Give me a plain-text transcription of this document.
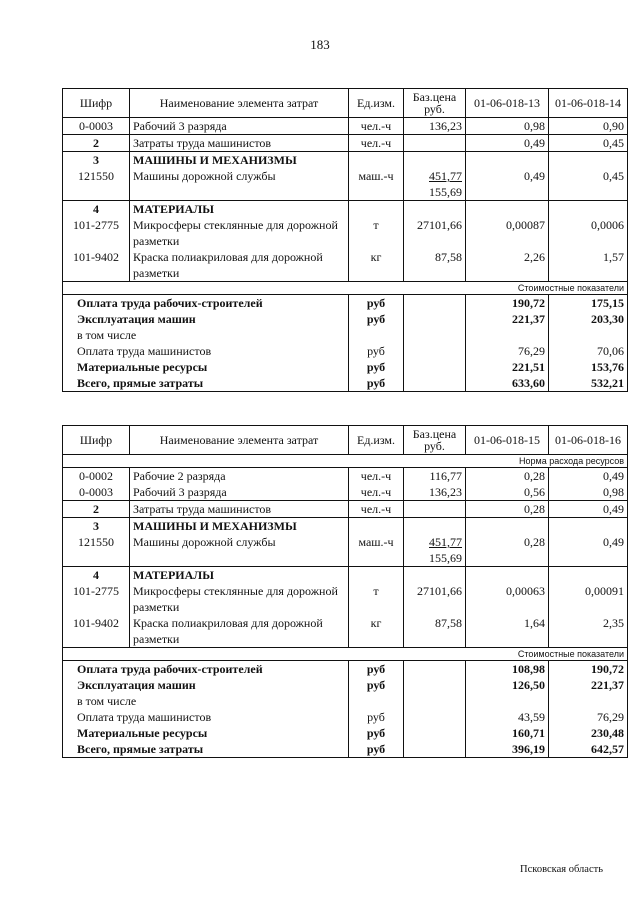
183
Шифр	Наименование элемента затрат	Ед.изм.	Баз.цена руб.	01-06-018-13	01-06-018-14
0-0003	Рабочий 3 разряда	чел.-ч	136,23	0,98	0,90
2	Затраты труда машинистов	чел.-ч		0,49	0,45
3	МАШИНЫ И МЕХАНИЗМЫ				
121550	Машины дорожной службы	маш.-ч	451,77	0,49	0,45
			155,69		
4	МАТЕРИАЛЫ				
101-2775	Микросферы стеклянные для дорожной разметки	т	27101,66	0,00087	0,0006
101-9402	Краска полиакриловая для дорожной разметки	кг	87,58	2,26	1,57
Стоимостные показатели					
Оплата труда рабочих-строителей		руб		190,72	175,15
Эксплуатация машин		руб		221,37	203,30
в том числе					
Оплата труда машинистов		руб		76,29	70,06
Материальные ресурсы		руб		221,51	153,76
Всего, прямые затраты		руб		633,60	532,21
Шифр	Наименование элемента затрат	Ед.изм.	Баз.цена руб.	01-06-018-15	01-06-018-16
Норма расхода ресурсов					
0-0002	Рабочие 2 разряда	чел.-ч	116,77	0,28	0,49
0-0003	Рабочий 3 разряда	чел.-ч	136,23	0,56	0,98
2	Затраты труда машинистов	чел.-ч		0,28	0,49
3	МАШИНЫ И МЕХАНИЗМЫ				
121550	Машины дорожной службы	маш.-ч	451,77	0,28	0,49
			155,69		
4	МАТЕРИАЛЫ				
101-2775	Микросферы стеклянные для дорожной разметки	т	27101,66	0,00063	0,00091
101-9402	Краска полиакриловая для дорожной разметки	кг	87,58	1,64	2,35
Стоимостные показатели					
Оплата труда рабочих-строителей		руб		108,98	190,72
Эксплуатация машин		руб		126,50	221,37
в том числе					
Оплата труда машинистов		руб		43,59	76,29
Материальные ресурсы		руб		160,71	230,48
Всего, прямые затраты		руб		396,19	642,57
Псковская область
